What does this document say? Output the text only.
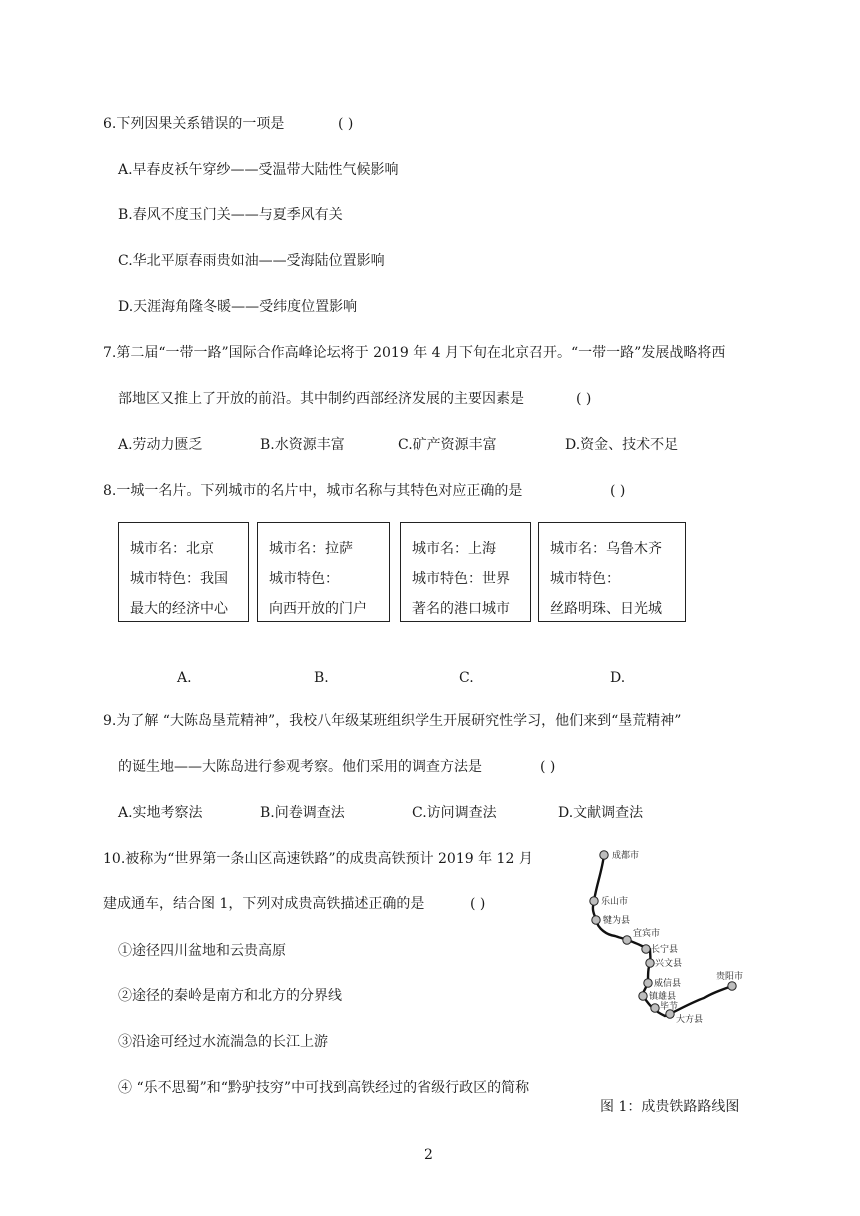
6.下列因果关系错误的一项是	( )
A.早春皮袄午穿纱——受温带大陆性气候影响
B.春风不度玉门关——与夏季风有关
C.华北平原春雨贵如油——受海陆位置影响
D.天涯海角隆冬暖——受纬度位置影响
7.第二届“一带一路”国际合作高峰论坛将于 2019 年 4 月下旬在北京召开。“一带一路”发展战略将西
部地区又推上了开放的前沿。其中制约西部经济发展的主要因素是	( )
A.劳动力匮乏	B.水资源丰富	C.矿产资源丰富	D.资金、技术不足
8.一城一名片。下列城市的名片中，城市名称与其特色对应正确的是	( )
城市名：北京
城市特色：我国
最大的经济中心
城市名：拉萨
城市特色：
向西开放的门户
城市名：上海
城市特色：世界
著名的港口城市
城市名：乌鲁木齐
城市特色：
丝路明珠、日光城
A.	B.	C.	D.
9.为了解 “大陈岛垦荒精神”，我校八年级某班组织学生开展研究性学习，他们来到“垦荒精神”
的诞生地——大陈岛进行参观考察。他们采用的调查方法是	( )
A.实地考察法	B.问卷调查法	C.访问调查法	D.文献调查法
10.被称为“世界第一条山区高速铁路”的成贵高铁预计 2019 年 12 月
建成通车，结合图 1，下列对成贵高铁描述正确的是	( )
①途径四川盆地和云贵高原
②途径的秦岭是南方和北方的分界线
③沿途可经过水流湍急的长江上游
④ “乐不思蜀”和“黔驴技穷”中可找到高铁经过的省级行政区的简称
成都市
乐山市
犍为县
宜宾市
长宁县
兴文县
威信县
镇雄县
毕节
大方县
贵阳市
图 1：成贵铁路路线图
2
